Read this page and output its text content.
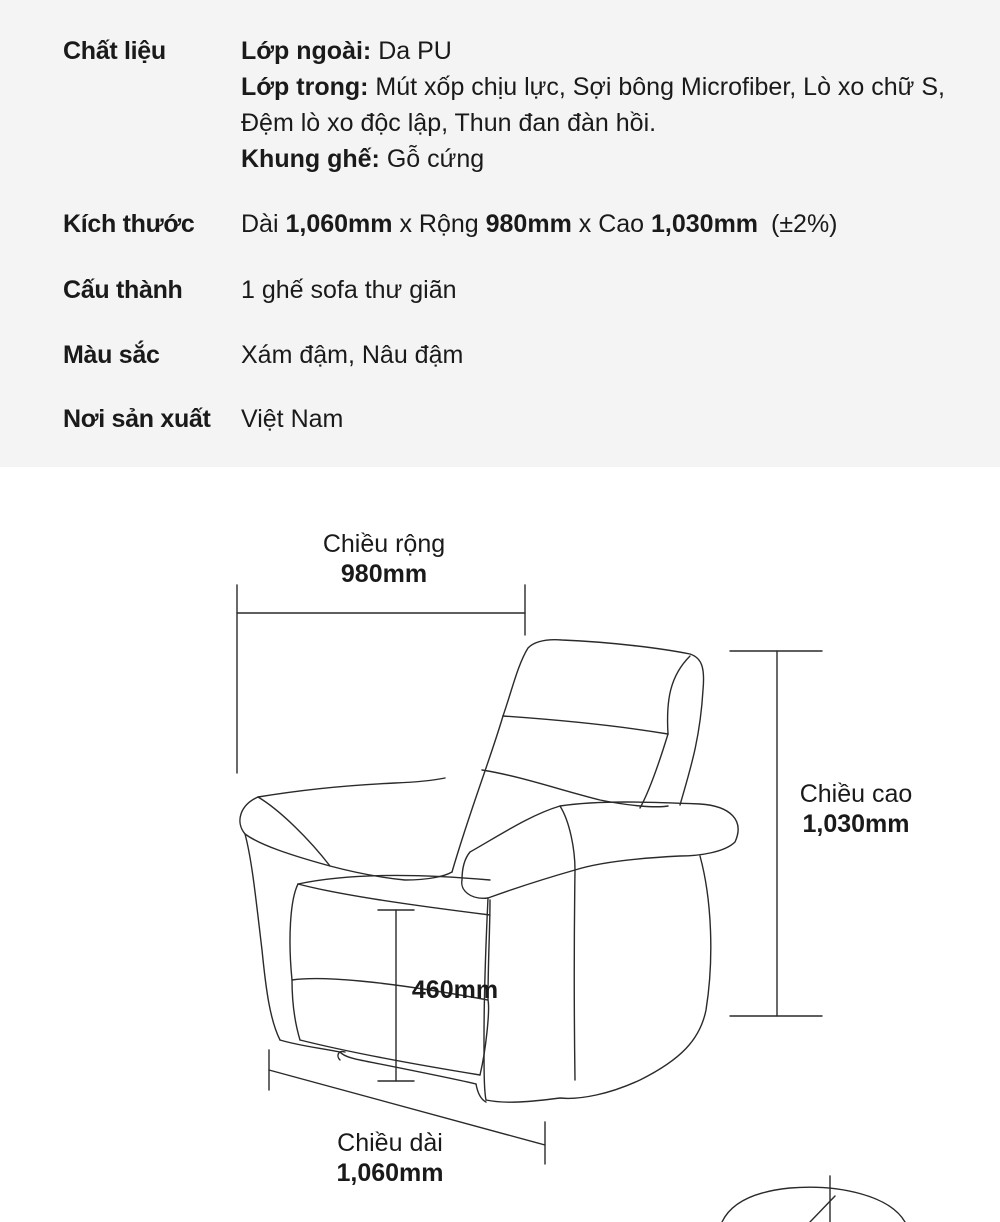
Chất liệu	Lớp ngoài: Da PU
Lớp trong: Mút xốp chịu lực, Sợi bông Microfiber, Lò xo chữ S, Đệm lò xo độc lập, Thun đan đàn hồi.
Khung ghế: Gỗ cứng
Kích thước Dài 1,060mm x Rộng 980mm x Cao 1,030mm (±2%)
Cấu thành 1 ghế sofa thư giãn
Màu sắc	Xám đậm, Nâu đậm
Nơi sản xuất Việt Nam
Chiều rộng
980mm
Chiều cao
1,030mm
460mm
Chiều dài
1,060mm
